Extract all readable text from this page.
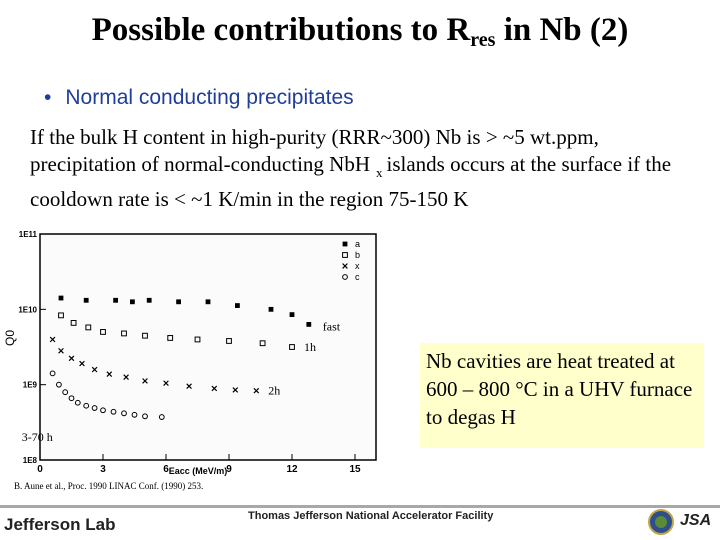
Possible contributions to $R_{res}$ in Nb (2)
• Normal conducting precipitates
If the bulk H content in high-purity (RRR~300) Nb is > ~5 wt.ppm, precipitation of normal-conducting NbH $_x$ islands occurs at the surface if the cooldown rate is < ~1 K/min in the region 75-150 K
0	3	6	9	12	15
1E8
1E9
1E10
1E11
fast
1h
2h
3-70 h
a
b
x
c
Q0
Eacc (MeV/m)
B. Aune et al., Proc. 1990 LINAC Conf. (1990) 253.
Nb cavities are heat treated at 600 – 800 °C in a UHV furnace to degas H
Jefferson Lab	Thomas Jefferson National Accelerator Facility	JSA
